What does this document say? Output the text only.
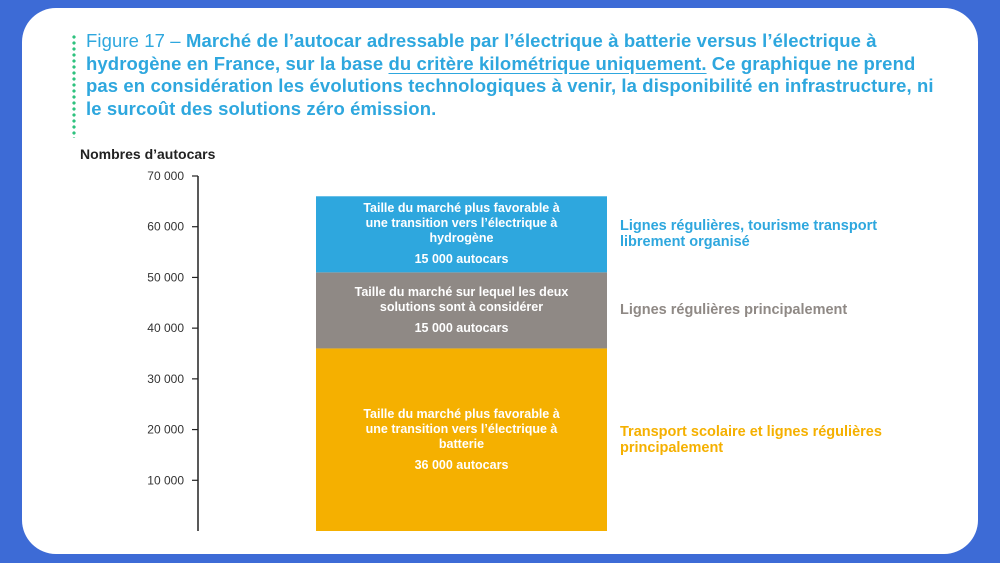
Figure 17 – Marché de l’autocar adressable par l’électrique à batterie versus l’électrique à hydrogène en France, sur la base du critère kilométrique uniquement. Ce graphique ne prend pas en considération les évolutions technologiques à venir, la disponibilité en infrastructure, ni le surcoût des solutions zéro émission.

Nombres d’autocars
10 000
20 000
30 000
40 000
50 000
60 000
70 000
Taille du marché plus favorable à une transition vers l’électrique à batterie
36 000 autocars
Transport scolaire et lignes régulières principalement
Taille du marché sur lequel les deux solutions sont à considérer
15 000 autocars
Lignes régulières principalement
Taille du marché plus favorable à une transition vers l’électrique à hydrogène
15 000 autocars
Lignes régulières, tourisme transport librement organisé
